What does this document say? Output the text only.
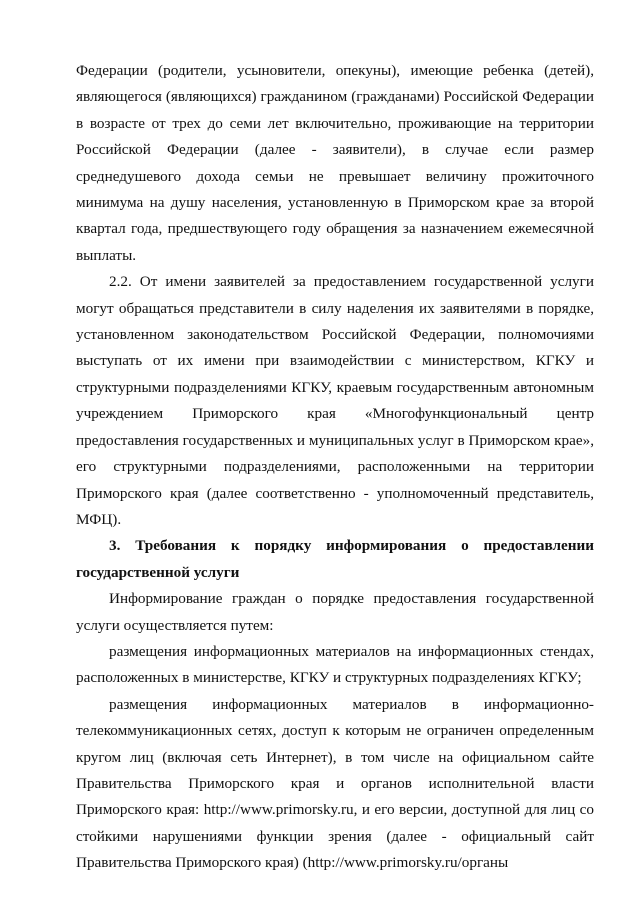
Федерации (родители, усыновители, опекуны), имеющие ребенка (детей), являющегося (являющихся) гражданином (гражданами) Российской Федерации в возрасте от трех до семи лет включительно, проживающие на территории Российской Федерации (далее - заявители), в случае если размер среднедушевого дохода семьи не превышает величину прожиточного минимума на душу населения, установленную в Приморском крае за второй квартал года, предшествующего году обращения за назначением ежемесячной выплаты.

2.2. От имени заявителей за предоставлением государственной услуги могут обращаться представители в силу наделения их заявителями в порядке, установленном законодательством Российской Федерации, полномочиями выступать от их имени при взаимодействии с министерством, КГКУ и структурными подразделениями КГКУ, краевым государственным автономным учреждением Приморского края «Многофункциональный центр предоставления государственных и муниципальных услуг в Приморском крае», его структурными подразделениями, расположенными на территории Приморского края (далее соответственно - уполномоченный представитель, МФЦ).

3. Требования к порядку информирования о предоставлении государственной услуги

Информирование граждан о порядке предоставления государственной услуги осуществляется путем:

размещения информационных материалов на информационных стендах, расположенных в министерстве, КГКУ и структурных подразделениях КГКУ;

размещения информационных материалов в информационно-телекоммуникационных сетях, доступ к которым не ограничен определенным кругом лиц (включая сеть Интернет), в том числе на официальном сайте Правительства Приморского края и органов исполнительной власти Приморского края: http://www.primorsky.ru, и его версии, доступной для лиц со стойкими нарушениями функции зрения (далее - официальный сайт Правительства Приморского края) (http://www.primorsky.ru/органы
